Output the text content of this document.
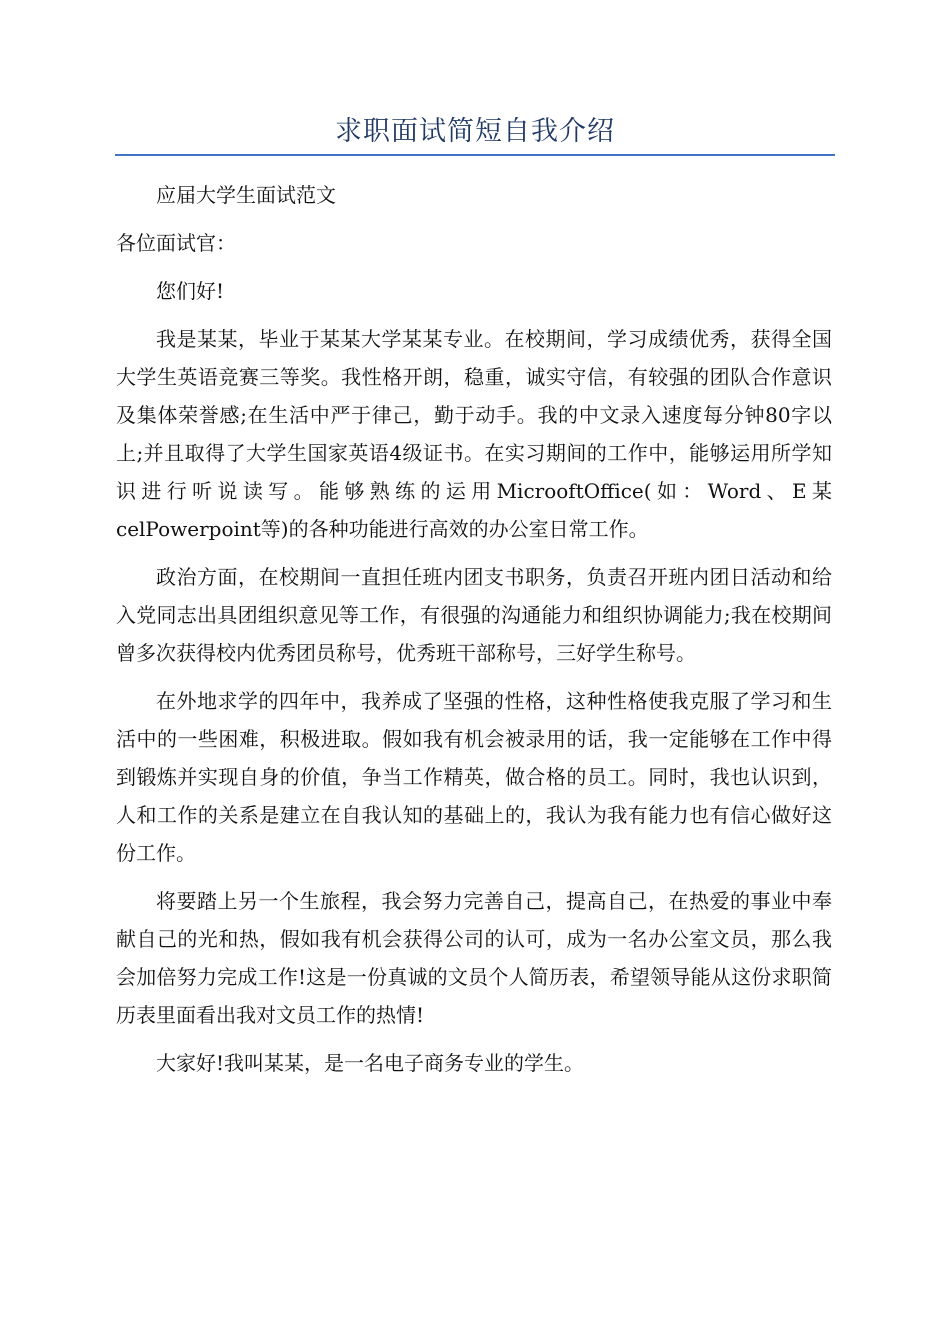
求职面试简短自我介绍

应届大学生面试范文

各位面试官：

您们好!

我是某某，毕业于某某大学某某专业。在校期间，学习成绩优秀，获得全国大学生英语竞赛三等奖。我性格开朗，稳重，诚实守信，有较强的团队合作意识及集体荣誉感;在生活中严于律己，勤于动手。我的中文录入速度每分钟80字以上;并且取得了大学生国家英语4级证书。在实习期间的工作中，能够运用所学知识进行听说读写。能够熟练的运用MicrooftOffice(如：Word、E某celPowerpoint等)的各种功能进行高效的办公室日常工作。

政治方面，在校期间一直担任班内团支书职务，负责召开班内团日活动和给入党同志出具团组织意见等工作，有很强的沟通能力和组织协调能力;我在校期间曾多次获得校内优秀团员称号，优秀班干部称号，三好学生称号。

在外地求学的四年中，我养成了坚强的性格，这种性格使我克服了学习和生活中的一些困难，积极进取。假如我有机会被录用的话，我一定能够在工作中得到锻炼并实现自身的价值，争当工作精英，做合格的员工。同时，我也认识到，人和工作的关系是建立在自我认知的基础上的，我认为我有能力也有信心做好这份工作。

将要踏上另一个生旅程，我会努力完善自己，提高自己，在热爱的事业中奉献自己的光和热，假如我有机会获得公司的认可，成为一名办公室文员，那么我会加倍努力完成工作!这是一份真诚的文员个人简历表，希望领导能从这份求职简历表里面看出我对文员工作的热情!

大家好!我叫某某，是一名电子商务专业的学生。
